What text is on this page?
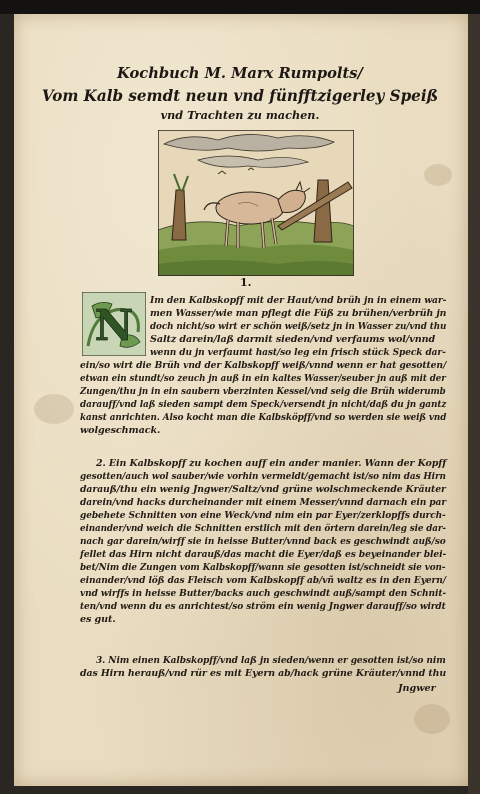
Kochbuch M. Marx Rumpolts/
Vom Kalb semdt neun vnd fünfftzigerley Speiß
vnd Trachten zu machen.
1.
N
Im den Kalbskopff mit der Haut/vnd brüh jn in einem war-
men Wasser/wie man pflegt die Füß zu brühen/verbrüh jn
doch nicht/so wirt er schön weiß/setz jn in Wasser zu/vnd thu
Saltz darein/laß darmit sieden/vnd verfaums wol/vnnd
wenn du jn verfaumt hast/so leg ein frisch stück Speck dar-
ein/so wirt die Brüh vnd der Kalbskopff weiß/vnnd wenn er hat gesotten/
etwan ein stundt/so zeuch jn auß in ein kaltes Wasser/seuber jn auß mit der
Zungen/thu jn in ein saubern vberzinten Kessel/vnd seig die Brüh widerumb
darauff/vnd laß sieden sampt dem Speck/versendt jn nicht/daß du jn gantz
kanst anrichten. Also kocht man die Kalbsköpff/vnd so werden sie weiß vnd
wolgeschmack.
2. Ein Kalbskopff zu kochen auff ein ander manier. Wann der Kopff
gesotten/auch wol sauber/wie vorhin vermeldt/gemacht ist/so nim das Hirn
darauß/thu ein wenig Jngwer/Saltz/vnd grüne wolschmeckende Kräuter
darein/vnd hacks durcheinander mit einem Messer/vnnd darnach ein par
gebehete Schnitten von eine Weck/vnd nim ein par Eyer/zerklopffs durch-
einander/vnd weich die Schnitten erstlich mit den örtern darein/leg sie dar-
nach gar darein/wirff sie in heisse Butter/vnnd back es geschwindt auß/so
fellet das Hirn nicht darauß/das macht die Eyer/daß es beyeinander blei-
bet/Nim die Zungen vom Kalbskopff/wann sie gesotten ist/schneidt sie von-
einander/vnd löß das Fleisch vom Kalbskopff ab/vñ waltz es in den Eyern/
vnd wirffs in heisse Butter/backs auch geschwindt auß/sampt den Schnit-
ten/vnd wenn du es anrichtest/so ström ein wenig Jngwer darauff/so wirdt
es gut.
3. Nim einen Kalbskopff/vnd laß jn sieden/wenn er gesotten ist/so nim
das Hirn herauß/vnd rür es mit Eyern ab/hack grüne Kräuter/vnnd thu
Jngwer
